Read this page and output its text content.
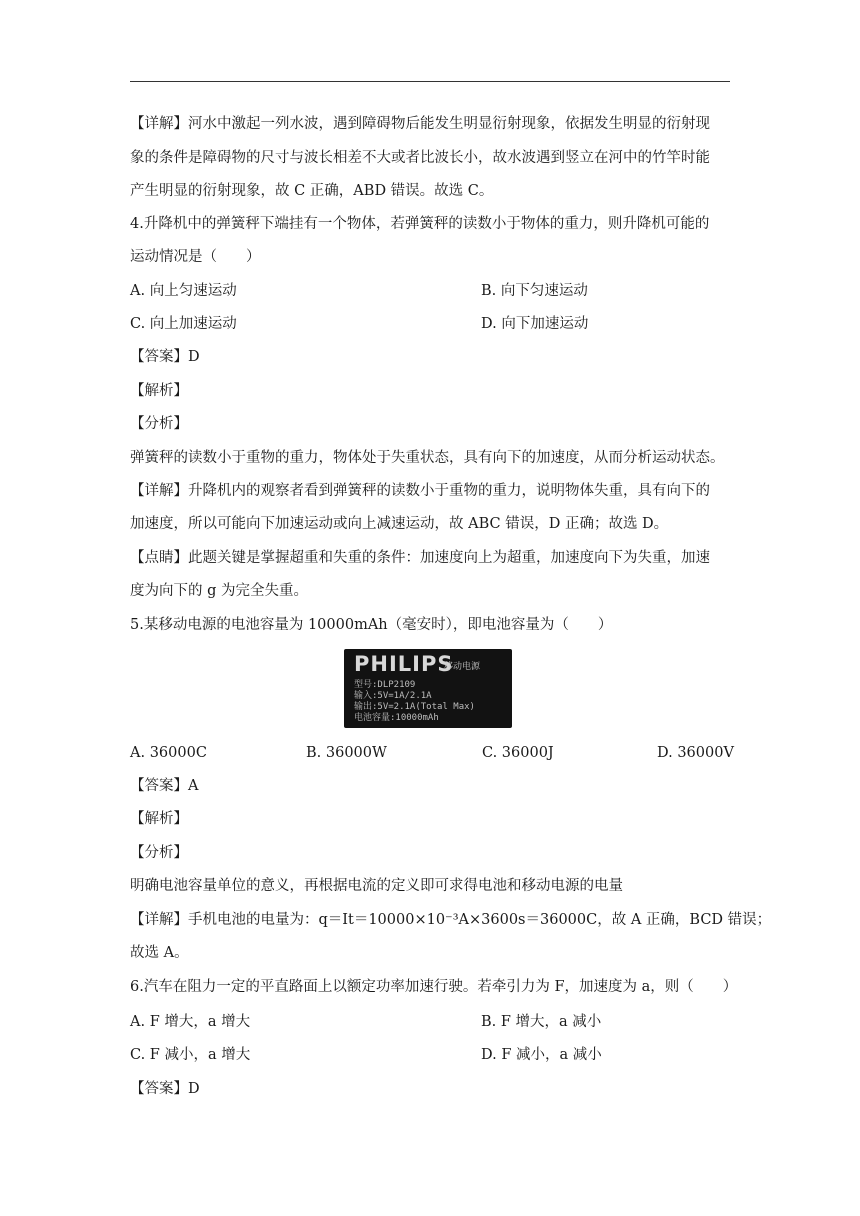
【详解】河水中激起一列水波，遇到障碍物后能发生明显衍射现象，依据发生明显的衍射现
象的条件是障碍物的尺寸与波长相差不大或者比波长小，故水波遇到竖立在河中的竹竿时能
产生明显的衍射现象，故 C 正确，ABD 错误。故选 C。
4.升降机中的弹簧秤下端挂有一个物体，若弹簧秤的读数小于物体的重力，则升降机可能的
运动情况是（　　）
A. 向上匀速运动	B. 向下匀速运动
C. 向上加速运动	D. 向下加速运动
【答案】D
【解析】
【分析】
弹簧秤的读数小于重物的重力，物体处于失重状态，具有向下的加速度，从而分析运动状态。
【详解】升降机内的观察者看到弹簧秤的读数小于重物的重力，说明物体失重，具有向下的
加速度，所以可能向下加速运动或向上减速运动，故 ABC 错误，D 正确；故选 D。
【点睛】此题关键是掌握超重和失重的条件：加速度向上为超重，加速度向下为失重，加速
度为向下的 g 为完全失重。
5.某移动电源的电池容量为 10000mAh（毫安时），即电池容量为（　　）
PHILIPS
移动电源
型号:DLP2109
输入:5V=1A/2.1A
输出:5V=2.1A(Total Max)
电池容量:10000mAh
A. 36000C	B. 36000W	C. 36000J	D. 36000V
【答案】A
【解析】
【分析】
明确电池容量单位的意义，再根据电流的定义即可求得电池和移动电源的电量
【详解】手机电池的电量为：q＝It＝10000×10⁻³A×3600s＝36000C，故 A 正确，BCD 错误；
故选 A。
6.汽车在阻力一定的平直路面上以额定功率加速行驶。若牵引力为 F，加速度为 a，则（　　）
A. F 增大，a 增大	B. F 增大，a 减小
C. F 减小，a 增大	D. F 减小，a 减小
【答案】D
